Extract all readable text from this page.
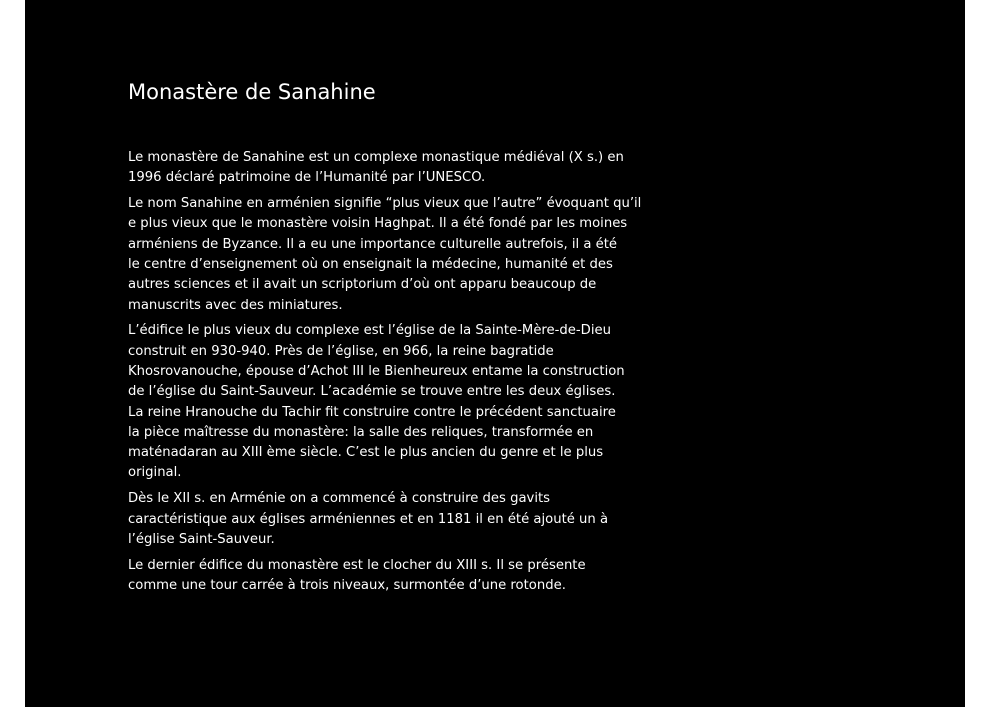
Monastère de Sanahine

Le monastère de Sanahine est un complexe monastique médiéval (X s.) en
1996 déclaré patrimoine de l’Humanité par l’UNESCO.

Le nom Sanahine en arménien signifie “plus vieux que l’autre” évoquant qu’il
e plus vieux que le monastère voisin Haghpat. Il a été fondé par les moines
arméniens de Byzance. Il a eu une importance culturelle autrefois, il a été
le centre d’enseignement où on enseignait la médecine, humanité et des
autres sciences et il avait un scriptorium d’où ont apparu beaucoup de
manuscrits avec des miniatures.

L’édifice le plus vieux du complexe est l’église de la Sainte-Mère-de-Dieu
construit en 930-940. Près de l’église, en 966, la reine bagratide
Khosrovanouche, épouse d’Achot III le Bienheureux entame la construction
de l’église du Saint-Sauveur. L’académie se trouve entre les deux églises.
La reine Hranouche du Tachir fit construire contre le précédent sanctuaire
la pièce maîtresse du monastère: la salle des reliques, transformée en
maténadaran au XIII ème siècle. C’est le plus ancien du genre et le plus
original.

Dès le XII s. en Arménie on a commencé à construire des gavits
caractéristique aux églises arméniennes et en 1181 il en été ajouté un à
l’église Saint-Sauveur.

Le dernier édifice du monastère est le clocher du XIII s. Il se présente
comme une tour carrée à trois niveaux, surmontée d’une rotonde.
